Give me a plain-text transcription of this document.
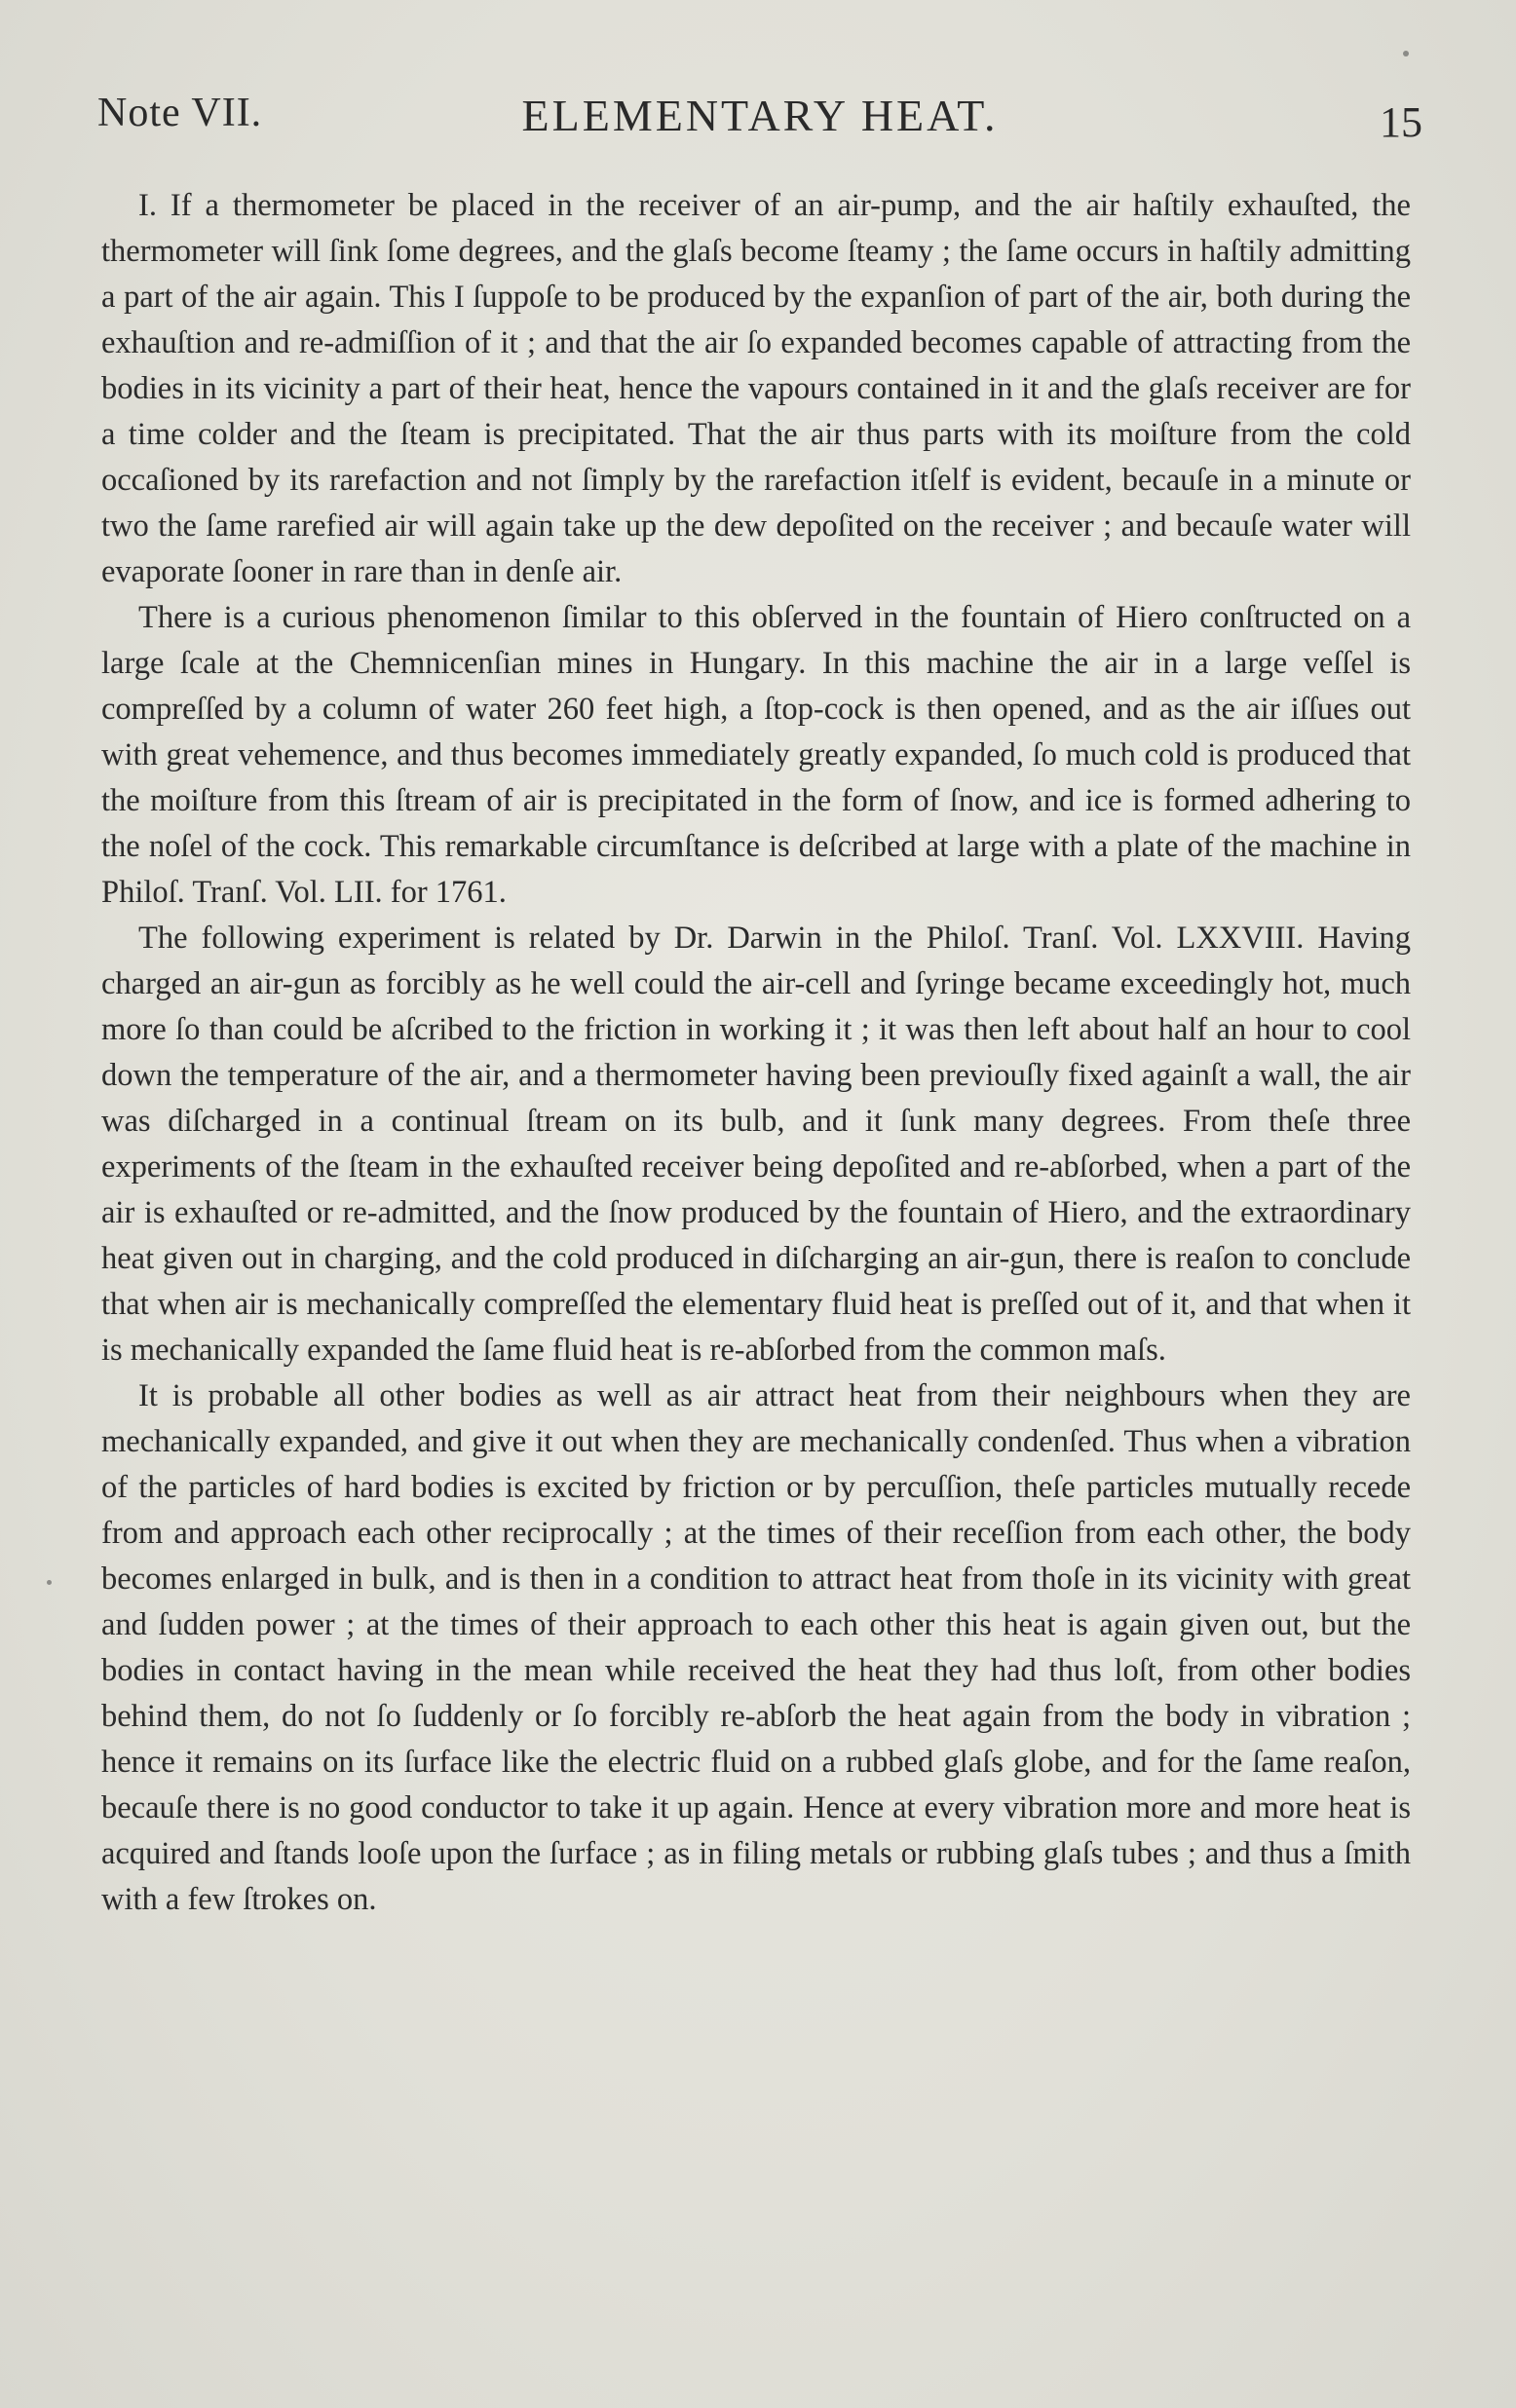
Note VII.	ELEMENTARY HEAT.	15

I. If a thermometer be placed in the receiver of an air-pump, and the air haſtily exhauſted, the thermometer will ſink ſome degrees, and the glaſs become ſteamy ; the ſame occurs in haſtily admitting a part of the air again. This I ſuppoſe to be produced by the expanſion of part of the air, both during the exhauſtion and re-admiſſion of it ; and that the air ſo expanded becomes capable of attracting from the bodies in its vicinity a part of their heat, hence the vapours contained in it and the glaſs receiver are for a time colder and the ſteam is precipitated. That the air thus parts with its moiſture from the cold occaſioned by its rarefaction and not ſimply by the rarefaction itſelf is evident, becauſe in a minute or two the ſame rarefied air will again take up the dew depoſited on the receiver ; and becauſe water will evaporate ſooner in rare than in denſe air.

There is a curious phenomenon ſimilar to this obſerved in the fountain of Hiero conſtructed on a large ſcale at the Chemnicenſian mines in Hungary. In this machine the air in a large veſſel is compreſſed by a column of water 260 feet high, a ſtop-cock is then opened, and as the air iſſues out with great vehemence, and thus becomes immediately greatly expanded, ſo much cold is produced that the moiſture from this ſtream of air is precipitated in the form of ſnow, and ice is formed adhering to the noſel of the cock. This remarkable circumſtance is deſcribed at large with a plate of the machine in Philoſ. Tranſ. Vol. LII. for 1761.

The following experiment is related by Dr. Darwin in the Philoſ. Tranſ. Vol. LXXVIII. Having charged an air-gun as forcibly as he well could the air-cell and ſyringe became exceedingly hot, much more ſo than could be aſcribed to the friction in working it ; it was then left about half an hour to cool down the temperature of the air, and a thermometer having been previouſly fixed againſt a wall, the air was diſcharged in a continual ſtream on its bulb, and it ſunk many degrees. From theſe three experiments of the ſteam in the exhauſted receiver being depoſited and re-abſorbed, when a part of the air is exhauſted or re-admitted, and the ſnow produced by the fountain of Hiero, and the extraordinary heat given out in charging, and the cold produced in diſcharging an air-gun, there is reaſon to conclude that when air is mechanically compreſſed the elementary fluid heat is preſſed out of it, and that when it is mechanically expanded the ſame fluid heat is re-abſorbed from the common maſs.

It is probable all other bodies as well as air attract heat from their neighbours when they are mechanically expanded, and give it out when they are mechanically condenſed. Thus when a vibration of the particles of hard bodies is excited by friction or by percuſſion, theſe particles mutually recede from and approach each other reciprocally ; at the times of their receſſion from each other, the body becomes enlarged in bulk, and is then in a condition to attract heat from thoſe in its vicinity with great and ſudden power ; at the times of their approach to each other this heat is again given out, but the bodies in contact having in the mean while received the heat they had thus loſt, from other bodies behind them, do not ſo ſuddenly or ſo forcibly re-abſorb the heat again from the body in vibration ; hence it remains on its ſurface like the electric fluid on a rubbed glaſs globe, and for the ſame reaſon, becauſe there is no good conductor to take it up again. Hence at every vibration more and more heat is acquired and ſtands looſe upon the ſurface ; as in filing metals or rubbing glaſs tubes ; and thus a ſmith with a few ſtrokes on.
